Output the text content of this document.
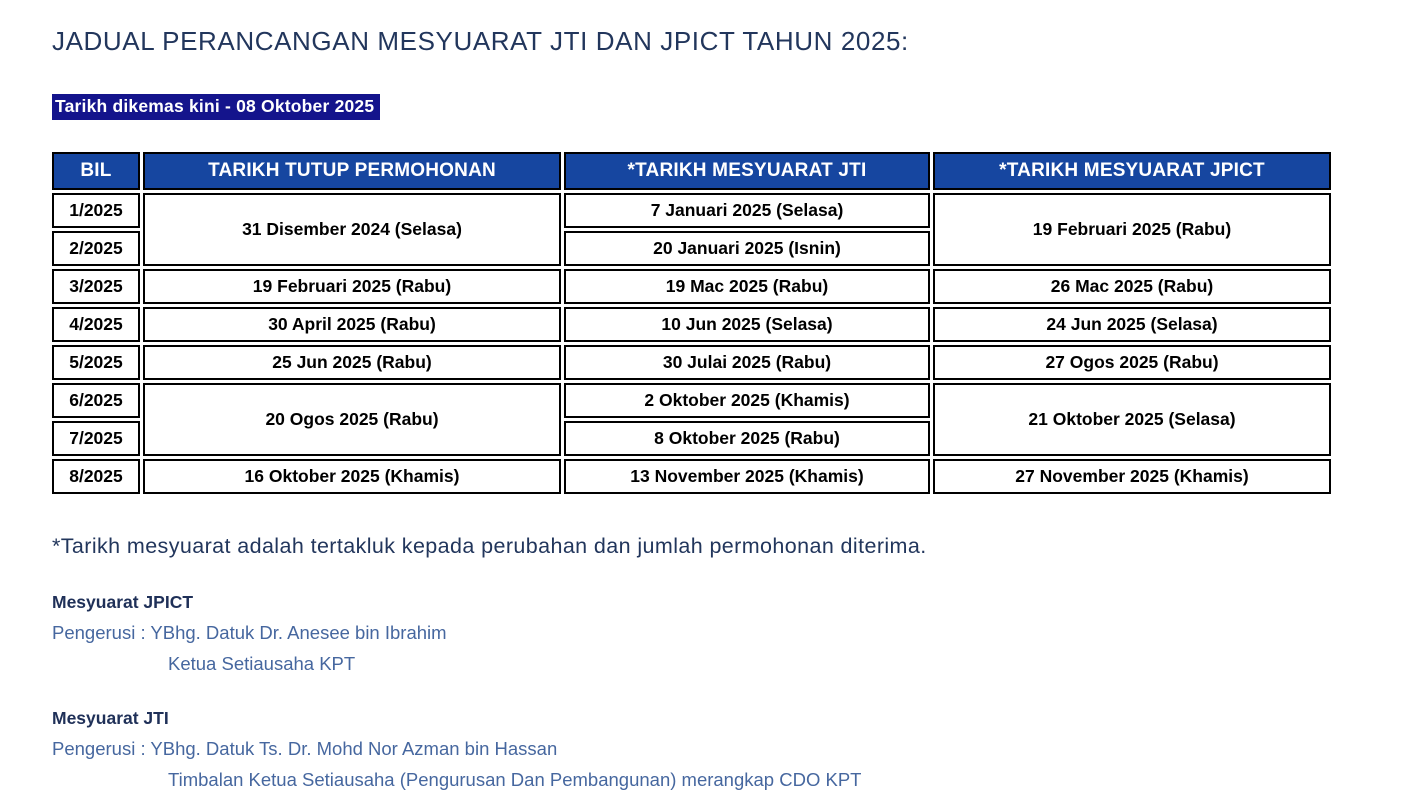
JADUAL PERANCANGAN MESYUARAT JTI DAN JPICT TAHUN 2025:
Tarikh dikemas kini - 08 Oktober 2025
BIL	TARIKH TUTUP PERMOHONAN	*TARIKH MESYUARAT JTI	*TARIKH MESYUARAT JPICT
1/2025	31 Disember 2024 (Selasa)	7 Januari 2025 (Selasa)	19 Februari 2025 (Rabu)
2/2025		20 Januari 2025 (Isnin)	
3/2025	19 Februari 2025 (Rabu)	19 Mac 2025 (Rabu)	26 Mac 2025 (Rabu)
4/2025	30 April 2025 (Rabu)	10 Jun 2025 (Selasa)	24 Jun 2025 (Selasa)
5/2025	25 Jun 2025 (Rabu)	30 Julai 2025 (Rabu)	27 Ogos 2025 (Rabu)
6/2025	20 Ogos 2025 (Rabu)	2 Oktober 2025 (Khamis)	21 Oktober 2025 (Selasa)
7/2025		8 Oktober 2025 (Rabu)	
8/2025	16 Oktober 2025 (Khamis)	13 November 2025 (Khamis)	27 November 2025 (Khamis)
*Tarikh mesyuarat adalah tertakluk kepada perubahan dan jumlah permohonan diterima.
Mesyuarat JPICT
Pengerusi : YBhg. Datuk Dr. Anesee bin Ibrahim
Ketua Setiausaha KPT
Mesyuarat JTI
Pengerusi : YBhg. Datuk Ts. Dr. Mohd Nor Azman bin Hassan
Timbalan Ketua Setiausaha (Pengurusan Dan Pembangunan) merangkap CDO KPT
